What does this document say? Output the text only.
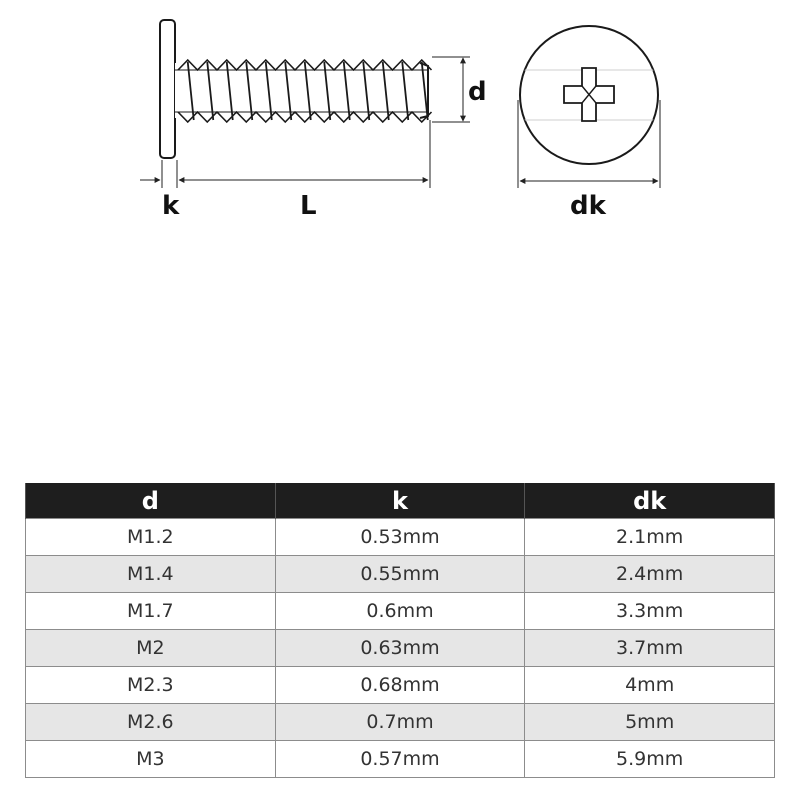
d
k	L	dk
d	k	dk
M1.2	0.53mm	2.1mm
M1.4	0.55mm	2.4mm
M1.7	0.6mm	3.3mm
M2	0.63mm	3.7mm
M2.3	0.68mm	4mm
M2.6	0.7mm	5mm
M3	0.57mm	5.9mm
